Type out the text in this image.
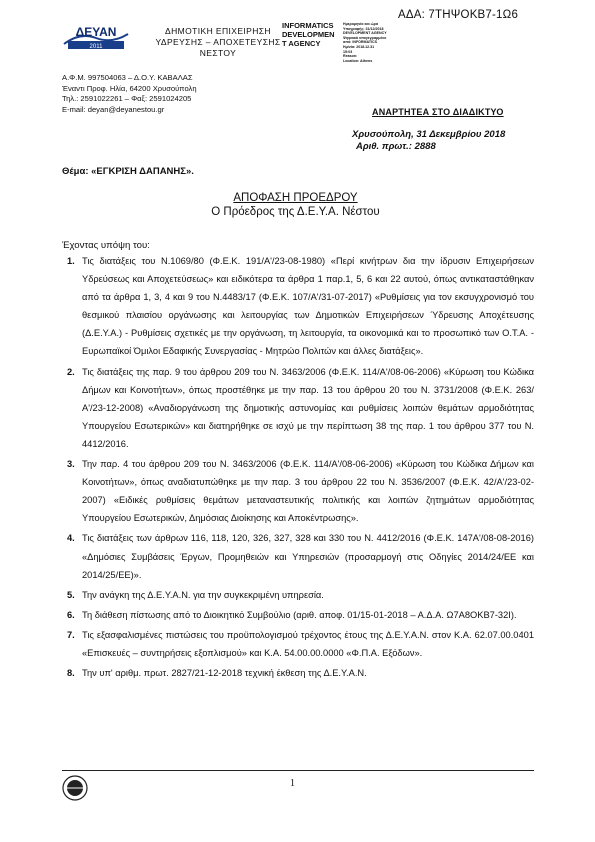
ΑΔΑ: 7ΤΗΨΟΚΒ7-1Ω6
ΔΕΥΑΝ
2011
ΔΗΜΟΤΙΚΗ ΕΠΙΧΕΙΡΗΣΗ
ΥΔΡΕΥΣΗΣ – ΑΠΟΧΕΤΕΥΣΗΣ
ΝΕΣΤΟΥ
INFORMATICS
DEVELOPMEN
T AGENCY
Ημερομηνία και ώρα
Υπογραφής: 31/12/2018
DEVELOPMENT AGENCY
Ψηφιακά υπογεγραμμένο
από: INFORMATICS
Ημ/νία: 2018.12.31
15:03
Reason:
Location: Athens
Α.Φ.Μ. 997504063 – Δ.Ο.Υ. ΚΑΒΑΛΑΣ
Έναντι Πρoφ. Ηλία, 64200 Χρυσούπολη
Τηλ.: 2591022261 – Φαξ: 2591024205
E-mail: deyan@deyanestou.gr	ΑΝΑΡΤΗΤΕΑ ΣΤΟ ΔΙΑΔΙΚΤΥΟ
Χρυσούπολη, 31 Δεκεμβρίου 2018
Αριθ. πρωτ.: 2888
Θέμα: «ΕΓΚΡΙΣΗ ΔΑΠΑΝΗΣ».
ΑΠΟΦΑΣΗ ΠΡΟΕΔΡΟΥ
Ο Πρόεδρος της Δ.Ε.Υ.Α. Νέστου
Έχοντας υπόψη του:
1. Τις διατάξεις του Ν.1069/80 (Φ.Ε.Κ. 191/Α'/23-08-1980) «Περί κινήτρων δια την ίδρυσιν Επιχειρήσεων Υδρεύσεως και Αποχετεύσεως» και ειδικότερα τα άρθρα 1 παρ.1, 5, 6 και 22 αυτού, όπως αντικαταστάθηκαν από τα άρθρα 1, 3, 4 και 9 του Ν.4483/17 (Φ.Ε.Κ. 107/Α'/31-07-2017) «Ρυθμίσεις για τον εκσυγχρονισμό του θεσμικού πλαισίου οργάνωσης και λειτουργίας των Δημοτικών Επιχειρήσεων Ύδρευσης Αποχέτευσης (Δ.Ε.Υ.Α.) - Ρυθμίσεις σχετικές με την οργάνωση, τη λειτουργία, τα οικονομικά και το προσωπικό των Ο.Τ.Α. - Ευρωπαϊκοί Όμιλοι Εδαφικής Συνεργασίας - Μητρώο Πολιτών και άλλες διατάξεις».
2. Τις διατάξεις της παρ. 9 του άρθρου 209 του Ν. 3463/2006 (Φ.Ε.Κ. 114/Α'/08-06-2006) «Κύρωση του Κώδικα Δήμων και Κοινοτήτων», όπως προστέθηκε με την παρ. 13 του άρθρου 20 του Ν. 3731/2008 (Φ.Ε.Κ. 263/Α'/23-12-2008) «Αναδιοργάνωση της δημοτικής αστυνομίας και ρυθμίσεις λοιπών θεμάτων αρμοδιότητας Υπουργείου Εσωτερικών» και διατηρήθηκε σε ισχύ με την περίπτωση 38 της παρ. 1 του άρθρου 377 του Ν. 4412/2016.
3. Την παρ. 4 του άρθρου 209 του Ν. 3463/2006 (Φ.Ε.Κ. 114/Α'/08-06-2006) «Κύρωση του Κώδικα Δήμων και Κοινοτήτων», όπως αναδιατυπώθηκε με την παρ. 3 του άρθρου 22 του Ν. 3536/2007 (Φ.Ε.Κ. 42/Α'/23-02-2007) «Ειδικές ρυθμίσεις θεμάτων μεταναστευτικής πολιτικής και λοιπών ζητημάτων αρμοδιότητας Υπουργείου Εσωτερικών, Δημόσιας Διοίκησης και Αποκέντρωσης».
4. Τις διατάξεις των άρθρων 116, 118, 120, 326, 327, 328 και 330 του Ν. 4412/2016 (Φ.Ε.Κ. 147Α'/08-08-2016) «Δημόσιες Συμβάσεις Έργων, Προμηθειών και Υπηρεσιών (προσαρμογή στις Οδηγίες 2014/24/ΕΕ και 2014/25/ΕΕ)».
5. Την ανάγκη της Δ.Ε.Υ.Α.Ν. για την συγκεκριμένη υπηρεσία.
6. Τη διάθεση πίστωσης από το Διοικητικό Συμβούλιο (αριθ. αποφ. 01/15-01-2018 – Α.Δ.Α. Ω7Α8ΟΚΒ7-32Ι).
7. Τις εξασφαλισμένες πιστώσεις του προϋπολογισμού τρέχοντος έτους της Δ.Ε.Υ.Α.Ν. στον Κ.Α. 62.07.00.0401 «Επισκευές – συντηρήσεις εξοπλισμού» και Κ.Α. 54.00.00.0000 «Φ.Π.Α. Εξόδων».
8. Την υπ' αριθμ. πρωτ. 2827/21-12-2018 τεχνική έκθεση της Δ.Ε.Υ.Α.Ν.
1
